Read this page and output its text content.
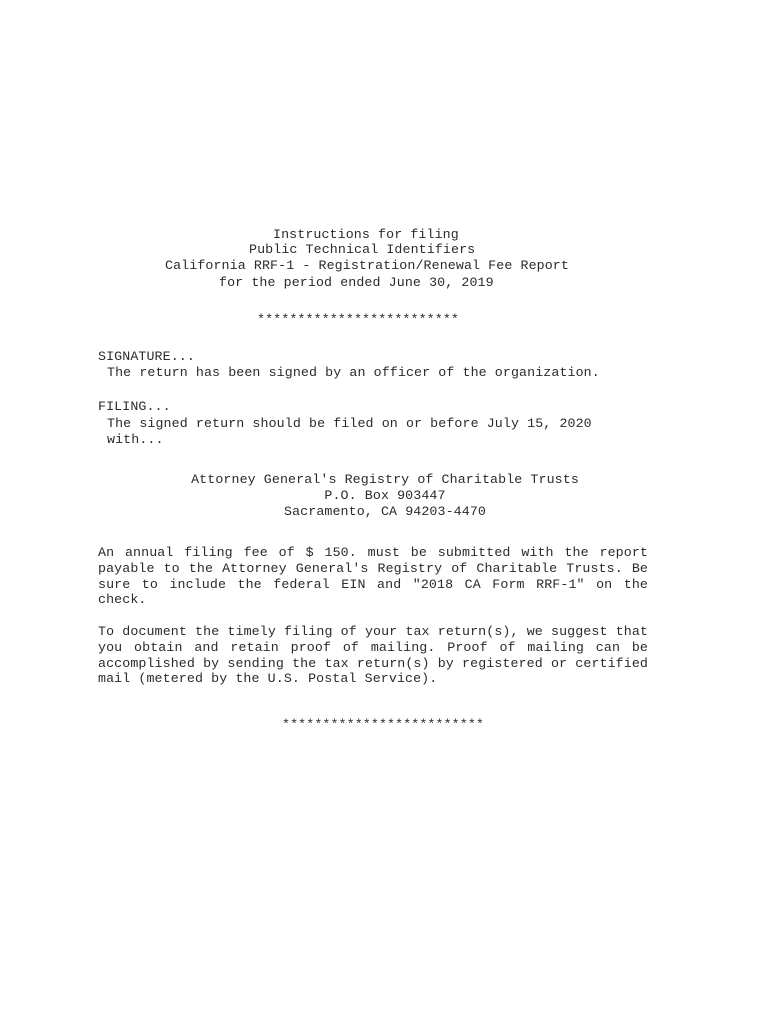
Instructions for filing
Public Technical Identifiers
California RRF-1 - Registration/Renewal Fee Report
for the period ended June 30, 2019
*************************
SIGNATURE...
The return has been signed by an officer of the organization.
FILING...
The signed return should be filed on or before July 15, 2020
with...
Attorney General's Registry of Charitable Trusts
P.O. Box 903447
Sacramento, CA 94203-4470
An annual filing fee of $ 150. must be submitted with the report payable to the Attorney General's Registry of Charitable Trusts. Be sure to include the federal EIN and "2018 CA Form RRF-1" on the check.
To document the timely filing of your tax return(s), we suggest that you obtain and retain proof of mailing. Proof of mailing can be accomplished by sending the tax return(s) by registered or certified mail (metered by the U.S. Postal Service).
*************************
